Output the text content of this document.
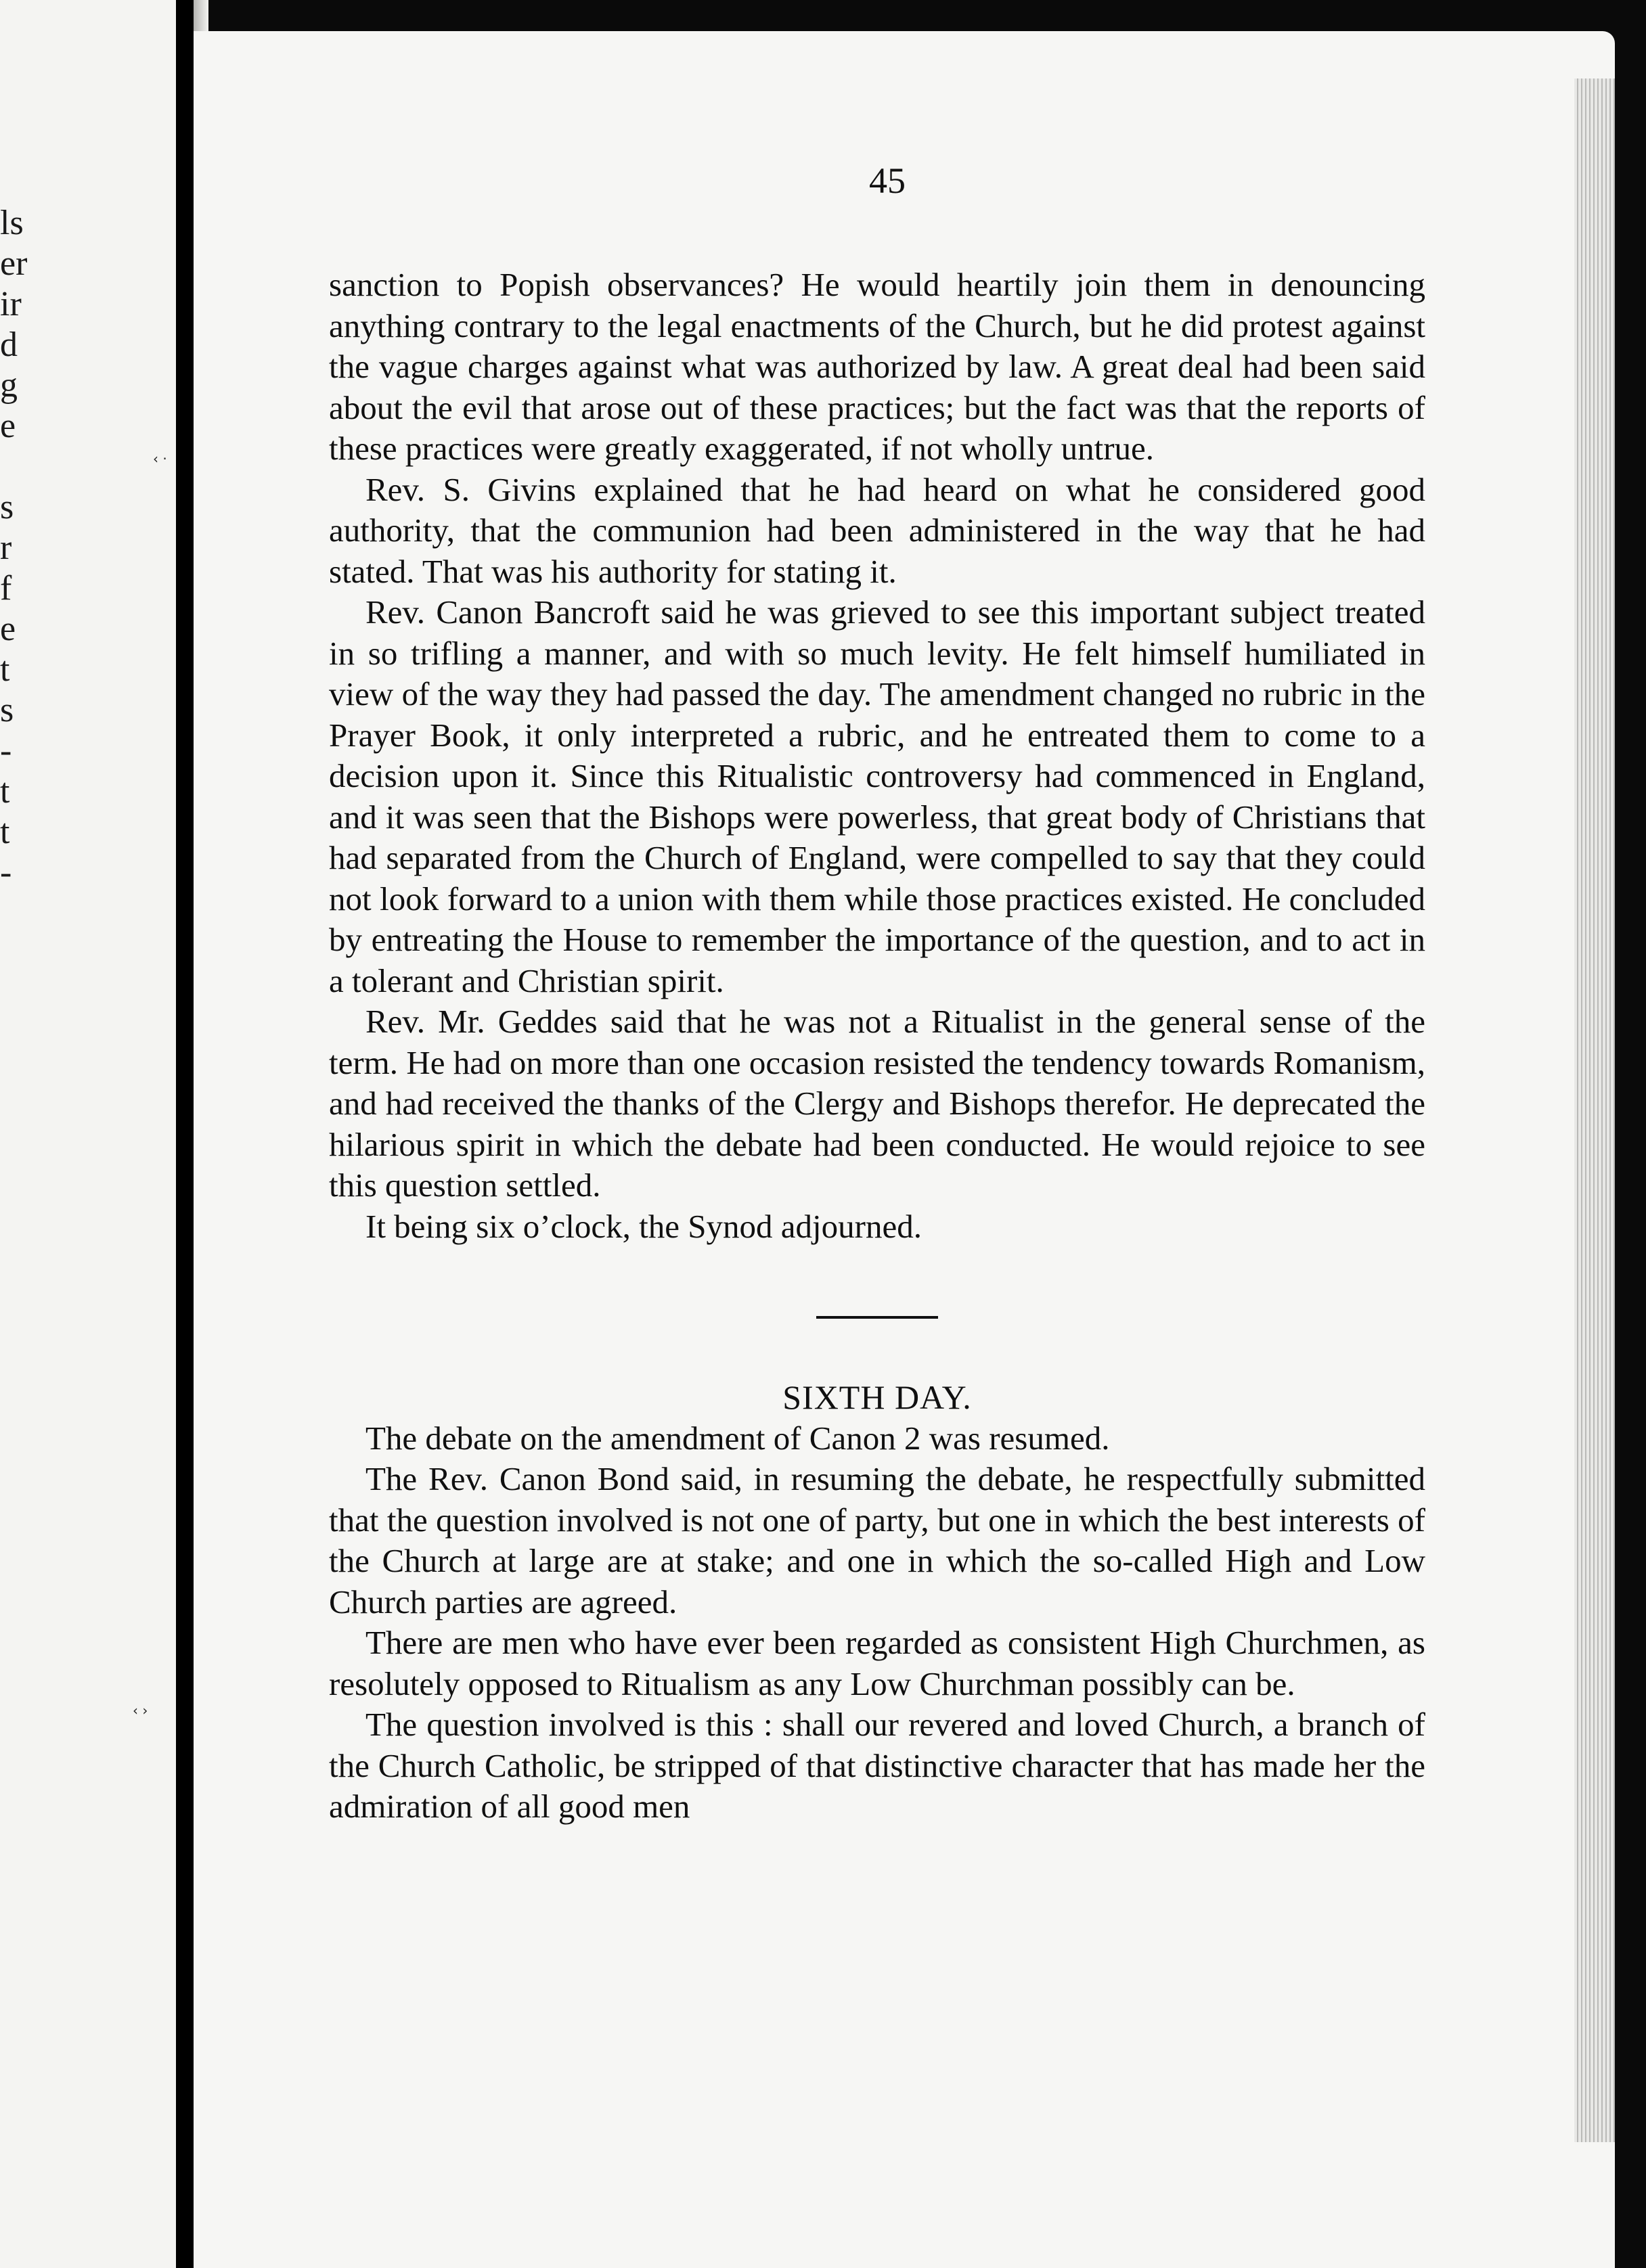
ls
er
ir
d
g
e
s
r
f
e
t
s
-
t
t
-
45

sanction to Popish observances? He would heartily join them in denouncing anything contrary to the legal enactments of the Church, but he did protest against the vague charges against what was authorized by law. A great deal had been said about the evil that arose out of these practices; but the fact was that the reports of these practices were greatly exaggerated, if not wholly untrue.

Rev. S. Givins explained that he had heard on what he considered good authority, that the communion had been administered in the way that he had stated. That was his authority for stating it.

Rev. Canon Bancroft said he was grieved to see this important subject treated in so trifling a manner, and with so much levity. He felt himself humiliated in view of the way they had passed the day. The amendment changed no rubric in the Prayer Book, it only interpreted a rubric, and he entreated them to come to a decision upon it. Since this Ritualistic controversy had commenced in England, and it was seen that the Bishops were powerless, that great body of Christians that had separated from the Church of England, were compelled to say that they could not look forward to a union with them while those practices existed. He concluded by entreating the House to remember the importance of the question, and to act in a tolerant and Christian spirit.

Rev. Mr. Geddes said that he was not a Ritualist in the general sense of the term. He had on more than one occasion resisted the tendency towards Romanism, and had received the thanks of the Clergy and Bishops therefor. He deprecated the hilarious spirit in which the debate had been conducted. He would rejoice to see this question settled.

It being six o’clock, the Synod adjourned.

SIXTH DAY.

The debate on the amendment of Canon 2 was resumed.

The Rev. Canon Bond said, in resuming the debate, he respectfully submitted that the question involved is not one of party, but one in which the best interests of the Church at large are at stake; and one in which the so-called High and Low Church parties are agreed.

There are men who have ever been regarded as consistent High Churchmen, as resolutely opposed to Ritualism as any Low Churchman possibly can be.

The question involved is this : shall our revered and loved Church, a branch of the Church Catholic, be stripped of that distinctive character that has made her the admiration of all good men

‹ ·
‹ ›
